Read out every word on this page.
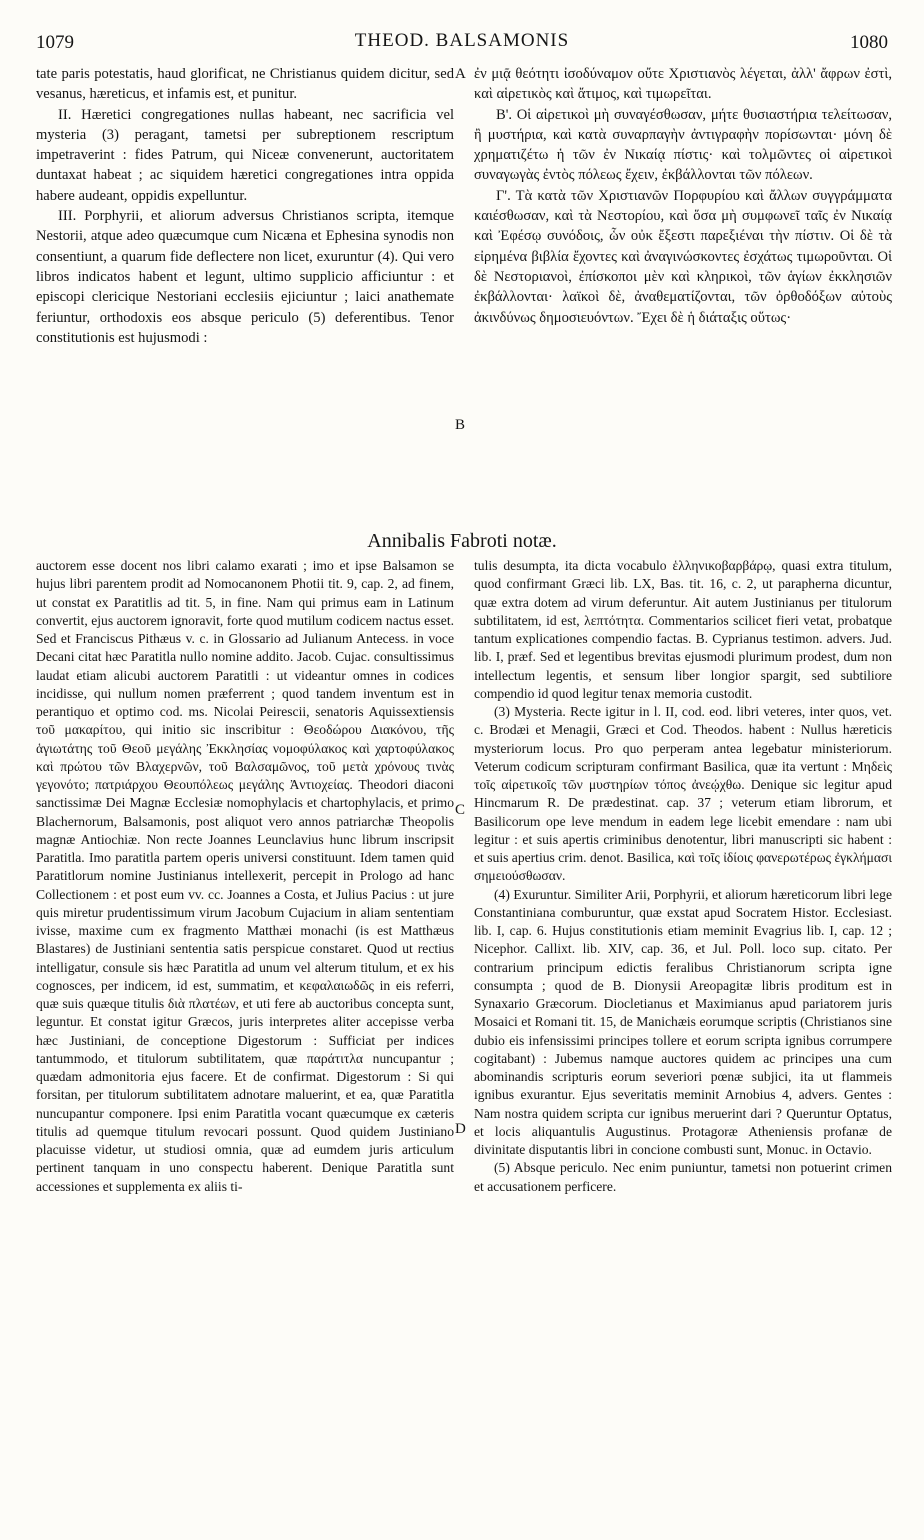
1079	THEOD. BALSAMONIS	1080

tate paris potestatis, haud glorificat, ne Christianus quidem dicitur, sed vesanus, hæreticus, et infamis est, et punitur.

II. Hæretici congregationes nullas habeant, nec sacrificia vel mysteria (3) peragant, tametsi per subreptionem rescriptum impetraverint : fides Patrum, qui Niceæ convenerunt, auctoritatem duntaxat habeat ; ac siquidem hæretici congregationes intra oppida habere audeant, oppidis expelluntur.

III. Porphyrii, et aliorum adversus Christianos scripta, itemque Nestorii, atque adeo quæcumque cum Nicæna et Ephesina synodis non consentiunt, a quarum fide deflectere non licet, exuruntur (4). Qui vero libros indicatos habent et legunt, ultimo supplicio afficiuntur : et episcopi clericique Nestoriani ecclesiis ejiciuntur ; laici anathemate feriuntur, orthodoxis eos absque periculo (5) deferentibus. Tenor constitutionis est hujusmodi :

A
B

ἐν μιᾷ θεότητι ἰσοδύναμον οὔτε Χριστιανὸς λέγεται, ἀλλ' ἄφρων ἐστὶ, καὶ αἱρετικὸς καὶ ἄτιμος, καὶ τιμωρεῖται.

Β'. Οἱ αἱρετικοὶ μὴ συναγέσθωσαν, μήτε θυσιαστήρια τελείτωσαν, ἢ μυστήρια, καὶ κατὰ συναρπαγὴν ἀντιγραφὴν πορίσωνται· μόνη δὲ χρηματιζέτω ἡ τῶν ἐν Νικαίᾳ πίστις· καὶ τολμῶντες οἱ αἱρετικοὶ συναγωγὰς ἐντὸς πόλεως ἔχειν, ἐκβάλλονται τῶν πόλεων.

Γ'. Τὰ κατὰ τῶν Χριστιανῶν Πορφυρίου καὶ ἄλλων συγγράμματα καιέσθωσαν, καὶ τὰ Νεστορίου, καὶ ὅσα μὴ συμφωνεῖ ταῖς ἐν Νικαίᾳ καὶ Ἐφέσῳ συνόδοις, ὧν οὐκ ἔξεστι παρεξιέναι τὴν πίστιν. Οἱ δὲ τὰ εἰρημένα βιβλία ἔχοντες καὶ ἀναγινώσκοντες ἐσχάτως τιμωροῦνται. Οἱ δὲ Νεστοριανοὶ, ἐπίσκοποι μὲν καὶ κληρικοὶ, τῶν ἁγίων ἐκκλησιῶν ἐκβάλλονται· λαϊκοὶ δὲ, ἀναθεματίζονται, τῶν ὀρθοδόξων αὐτοὺς ἀκινδύνως δημοσιευόντων. Ἔχει δὲ ἡ διάταξις οὕτως·

Annibalis Fabroti notæ.

auctorem esse docent nos libri calamo exarati ; imo et ipse Balsamon se hujus libri parentem prodit ad Nomocanonem Photii tit. 9, cap. 2, ad finem, ut constat ex Paratitlis ad tit. 5, in fine. Nam qui primus eam in Latinum convertit, ejus auctorem ignoravit, forte quod mutilum codicem nactus esset. Sed et Franciscus Pithæus v. c. in Glossario ad Julianum Antecess. in voce Decani citat hæc Paratitla nullo nomine addito. Jacob. Cujac. consultissimus laudat etiam alicubi auctorem Paratitli : ut videantur omnes in codices incidisse, qui nullum nomen præferrent ; quod tandem inventum est in perantiquo et optimo cod. ms. Nicolai Peirescii, senatoris Aquissextiensis τοῦ μακαρίτου, qui initio sic inscribitur : Θεοδώρου Διακόνου, τῆς ἁγιωτάτης τοῦ Θεοῦ μεγάλης Ἐκκλησίας νομοφύλακος καὶ χαρτοφύλακος καὶ πρώτου τῶν Βλαχερνῶν, τοῦ Βαλσαμῶνος, τοῦ μετὰ χρόνους τινὰς γεγονότο; πατριάρχου Θεουπόλεως μεγάλης Ἀντιοχείας. Theodori diaconi sanctissimæ Dei Magnæ Ecclesiæ nomophylacis et chartophylacis, et primo Blachernorum, Balsamonis, post aliquot vero annos patriarchæ Theopolis magnæ Antiochiæ. Non recte Joannes Leunclavius hunc librum inscripsit Paratitla. Imo paratitla partem operis universi constituunt. Idem tamen quid Paratitlorum nomine Justinianus intellexerit, percepit in Prologo ad hanc Collectionem : et post eum vv. cc. Joannes a Costa, et Julius Pacius : ut jure quis miretur prudentissimum virum Jacobum Cujacium in aliam sententiam ivisse, maxime cum ex fragmento Matthæi monachi (is est Matthæus Blastares) de Justiniani sententia satis perspicue constaret. Quod ut rectius intelligatur, consule sis hæc Paratitla ad unum vel alterum titulum, et ex his cognosces, per indicem, id est, summatim, et κεφαλαιωδῶς in eis referri, quæ suis quæque titulis διὰ πλατέων, et uti fere ab auctoribus concepta sunt, leguntur. Et constat igitur Græcos, juris interpretes aliter accepisse verba hæc Justiniani, de conceptione Digestorum : Sufficiat per indices tantummodo, et titulorum subtilitatem, quæ παράτιτλα nuncupantur ; quædam admonitoria ejus facere. Et de confirmat. Digestorum : Si qui forsitan, per titulorum subtilitatem adnotare maluerint, et ea, quæ Paratitla nuncupantur componere. Ipsi enim Paratitla vocant quæcumque ex cæteris titulis ad quemque titulum revocari possunt. Quod quidem Justiniano placuisse videtur, ut studiosi omnia, quæ ad eumdem juris articulum pertinent tanquam in uno conspectu haberent. Denique Paratitla sunt accessiones et supplementa ex aliis ti-

C
D

tulis desumpta, ita dicta vocabulo ἑλληνικοβαρβάρῳ, quasi extra titulum, quod confirmant Græci lib. LX, Bas. tit. 16, c. 2, ut parapherna dicuntur, quæ extra dotem ad virum deferuntur. Ait autem Justinianus per titulorum subtilitatem, id est, λεπτότητα. Commentarios scilicet fieri vetat, probatque tantum explicationes compendio factas. B. Cyprianus testimon. advers. Jud. lib. I, præf. Sed et legentibus brevitas ejusmodi plurimum prodest, dum non intellectum legentis, et sensum liber longior spargit, sed subtiliore compendio id quod legitur tenax memoria custodit.

(3) Mysteria. Recte igitur in l. II, cod. eod. libri veteres, inter quos, vet. c. Brodæi et Menagii, Græci et Cod. Theodos. habent : Nullus hæreticis mysteriorum locus. Pro quo perperam antea legebatur ministeriorum. Veterum codicum scripturam confirmant Basilica, quæ ita vertunt : Μηδεὶς τοῖς αἱρετικοῖς τῶν μυστηρίων τόπος ἀνεῴχθω. Denique sic legitur apud Hincmarum R. De prædestinat. cap. 37 ; veterum etiam librorum, et Basilicorum ope leve mendum in eadem lege licebit emendare : nam ubi legitur : et suis apertis criminibus denotentur, libri manuscripti sic habent : et suis apertius crim. denot. Basilica, καὶ τοῖς ἰδίοις φανερωτέρως ἐγκλήμασι σημειούσθωσαν.

(4) Exuruntur. Similiter Arii, Porphyrii, et aliorum hæreticorum libri lege Constantiniana comburuntur, quæ exstat apud Socratem Histor. Ecclesiast. lib. I, cap. 6. Hujus constitutionis etiam meminit Evagrius lib. I, cap. 12 ; Nicephor. Callixt. lib. XIV, cap. 36, et Jul. Poll. loco sup. citato. Per contrarium principum edictis feralibus Christianorum scripta igne consumpta ; quod de B. Dionysii Areopagitæ libris proditum est in Synaxario Græcorum. Diocletianus et Maximianus apud pariatorem juris Mosaici et Romani tit. 15, de Manichæis eorumque scriptis (Christianos sine dubio eis infensissimi principes tollere et eorum scripta ignibus corrumpere cogitabant) : Jubemus namque auctores quidem ac principes una cum abominandis scripturis eorum severiori pœnæ subjici, ita ut flammeis ignibus exurantur. Ejus severitatis meminit Arnobius 4, advers. Gentes : Nam nostra quidem scripta cur ignibus meruerint dari ? Queruntur Optatus, et locis aliquantulis Augustinus. Protagoræ Atheniensis profanæ de divinitate disputantis libri in concione combusti sunt, Monuc. in Octavio.

(5) Absque periculo. Nec enim puniuntur, tametsi non potuerint crimen et accusationem perficere.
